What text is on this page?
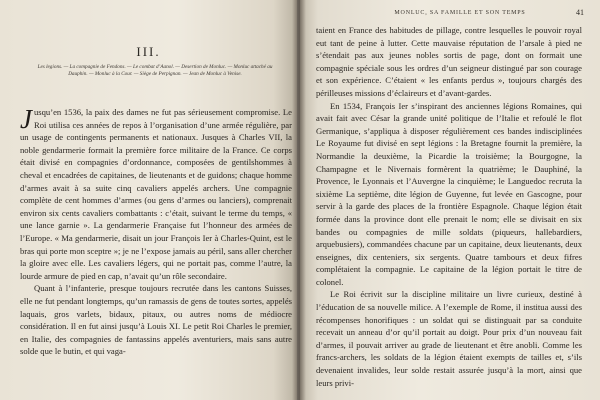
III.
Les legions. — La compagnie de Fendons. — Le combat d’Aanol. — Desertion de Monluc. — Monluc attaché au Dauphin. — Monluc à la Cour. — Siège de Perpignan. — Jean de Monluc à Venise.

Jusqu’en 1536, la paix des dames ne fut pas sérieusement compromise. Le Roi utilisa ces années de repos à l’organisation d’une armée régulière, par un usage de contingents permanents et nationaux. Jusques à Charles VII, la noble gendarmerie formait la première force militaire de la France. Ce corps était divisé en compagnies d’ordonnance, composées de gentilshommes à cheval et encadrées de capitaines, de lieutenants et de guidons; chaque homme d’armes avait à sa suite cinq cavaliers appelés archers. Une compagnie complète de cent hommes d’armes (ou gens d’armes ou lanciers), comprenait environ six cents cavaliers combattants : c’était, suivant le terme du temps, « une lance garnie ». La gendarmerie Française fut l’honneur des armées de l’Europe. « Ma gendarmerie, disait un jour François Ier à Charles-Quint, est le bras qui porte mon sceptre »; je ne l’expose jamais au péril, sans aller chercher la gloire avec elle. Les cavaliers légers, qui ne portait pas, comme l’autre, la lourde armure de pied en cap, n’avait qu’un rôle secondaire.

Quant à l’infanterie, presque toujours recrutée dans les cantons Suisses, elle ne fut pendant longtemps, qu’un ramassis de gens de toutes sortes, appelés laquais, gros varlets, bidaux, pitaux, ou autres noms de médiocre considération. Il en fut ainsi jusqu’à Louis XI. Le petit Roi Charles le premier, en Italie, des compagnies de fantassins appelés aventuriers, mais sans autre solde que le butin, et qui vaga-

MONLUC, SA FAMILLE ET SON TEMPS	41

taient en France des habitudes de pillage, contre lesquelles le pouvoir royal eut tant de peine à lutter. Cette mauvaise réputation de l’arsale à pied ne s’étendait pas aux jeunes nobles sortis de page, dont on formait une compagnie spéciale sous les ordres d’un seigneur distingué par son courage et son expérience. C’étaient « les enfants perdus », toujours chargés des périlleuses missions d’éclaireurs et d’avant-gardes.

En 1534, François Ier s’inspirant des anciennes légions Romaines, qui avait fait avec César la grande unité politique de l’Italie et refoulé le flot Germanique, s’appliqua à disposer régulièrement ces bandes indisciplinées Le Royaume fut divisé en sept légions : la Bretagne fournit la première, la Normandie la deuxième, la Picardie la troisième; la Bourgogne, la Champagne et le Nivernais formèrent la quatrième; le Dauphiné, la Provence, le Lyonnais et l’Auvergne la cinquième; le Languedoc recruta la sixième La septième, dite légion de Guyenne, fut levée en Gascogne, pour servir à la garde des places de la frontière Espagnole. Chaque légion était formée dans la province dont elle prenait le nom; elle se divisait en six bandes ou compagnies de mille soldats (piqueurs, hallebardiers, arquebusiers), commandées chacune par un capitaine, deux lieutenants, deux enseignes, dix centeniers, six sergents. Quatre tambours et deux fifres complétaient la compagnie. Le capitaine de la légion portait le titre de colonel.

Le Roi écrivit sur la discipline militaire un livre curieux, destiné à l’éducation de sa nouvelle milice. A l’exemple de Rome, il institua aussi des récompenses honorifiques : un soldat qui se distinguait par sa conduite recevait un anneau d’or qu’il portait au doigt. Pour prix d’un nouveau fait d’armes, il pouvait arriver au grade de lieutenant et être anobli. Comme les francs-archers, les soldats de la légion étaient exempts de tailles et, s’ils devenaient invalides, leur solde restait assurée jusqu’à la mort, ainsi que leurs privi-
